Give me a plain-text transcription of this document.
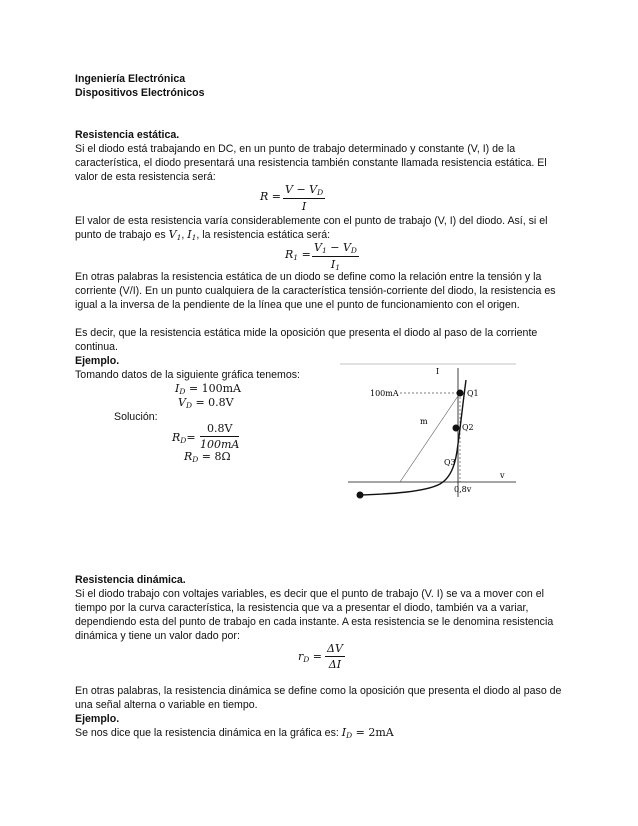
Ingeniería Electrónica
Dispositivos Electrónicos
Resistencia estática.
Si el diodo está trabajando en DC, en un punto de trabajo determinado y constante (V, I) de la
característica, el diodo presentará una resistencia también constante llamada resistencia estática. El
valor de esta resistencia será:
$R = \frac{V - V_D}{I}$
El valor de esta resistencia varía considerablemente con el punto de trabajo (V, I) del diodo. Así, si el
punto de trabajo es $V_1$, $I_1$, la resistencia estática será:
$R_1 = \frac{V_1 - V_D}{I_1}$
En otras palabras la resistencia estática de un diodo se define como la relación entre la tensión y la
corriente (V/I). En un punto cualquiera de la característica tensión-corriente del diodo, la resistencia es
igual a la inversa de la pendiente de la línea que une el punto de funcionamiento con el origen.
Es decir, que la resistencia estática mide la oposición que presenta el diodo al paso de la corriente
continua.
Ejemplo.
Tomando datos de la siguiente gráfica tenemos:
$I_D = 100mA$
$V_D = 0.8V$
Solución:
$R_D= \frac{0.8V}{100mA}$
$R_D = 8\Omega$
I
100mA
m
Q1
Q2
Q3
v
0,8v
Resistencia dinámica.
Si el diodo trabajo con voltajes variables, es decir que el punto de trabajo (V. I) se va a mover con el
tiempo por la curva característica, la resistencia que va a presentar el diodo, también va a variar,
dependiendo esta del punto de trabajo en cada instante. A esta resistencia se le denomina resistencia
dinámica y tiene un valor dado por:
$r_D = \frac{\Delta V}{\Delta I}$
En otras palabras, la resistencia dinámica se define como la oposición que presenta el diodo al paso de
una señal alterna o variable en tiempo.
Ejemplo.
Se nos dice que la resistencia dinámica en la gráfica es: $I_D = 2mA$
